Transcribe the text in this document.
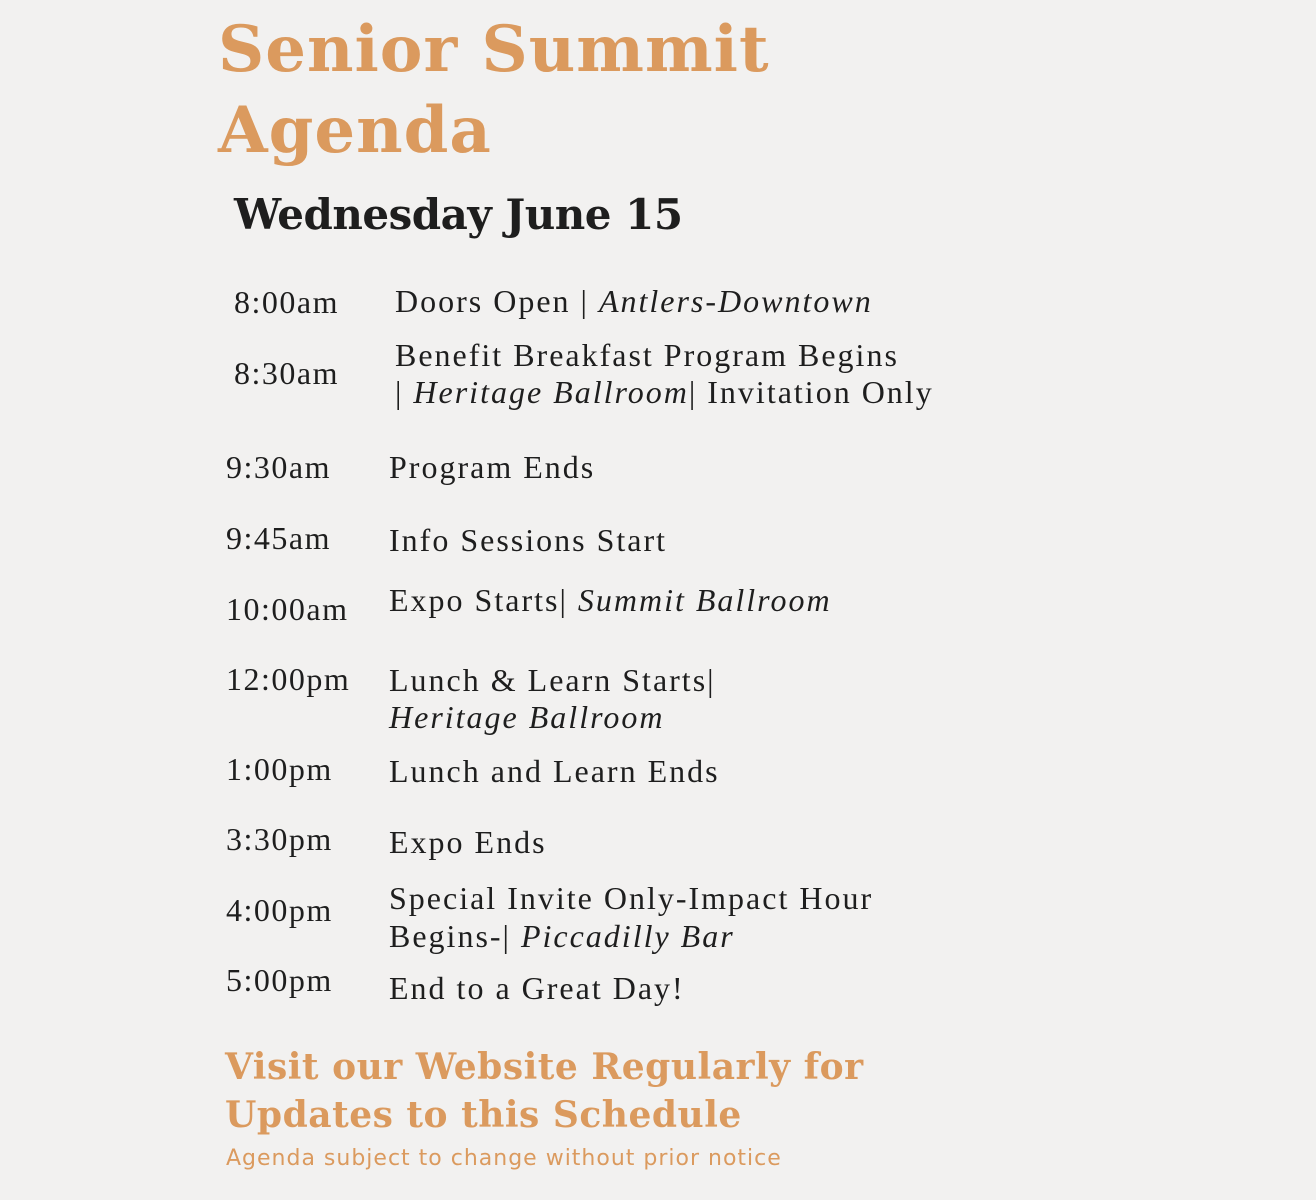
Senior Summit
Agenda
Wednesday June 15
8:00am Doors Open | Antlers-Downtown
8:30am Benefit Breakfast Program Begins
| Heritage Ballroom| Invitation Only
9:30am Program Ends
9:45am Info Sessions Start
10:00am Expo Starts| Summit Ballroom
12:00pm Lunch & Learn Starts|
Heritage Ballroom
1:00pm Lunch and Learn Ends
3:30pm Expo Ends
4:00pm Special Invite Only-Impact Hour
Begins-| Piccadilly Bar
5:00pm End to a Great Day!

Visit our Website Regularly for

Updates to this Schedule

Agenda subject to change without prior notice
